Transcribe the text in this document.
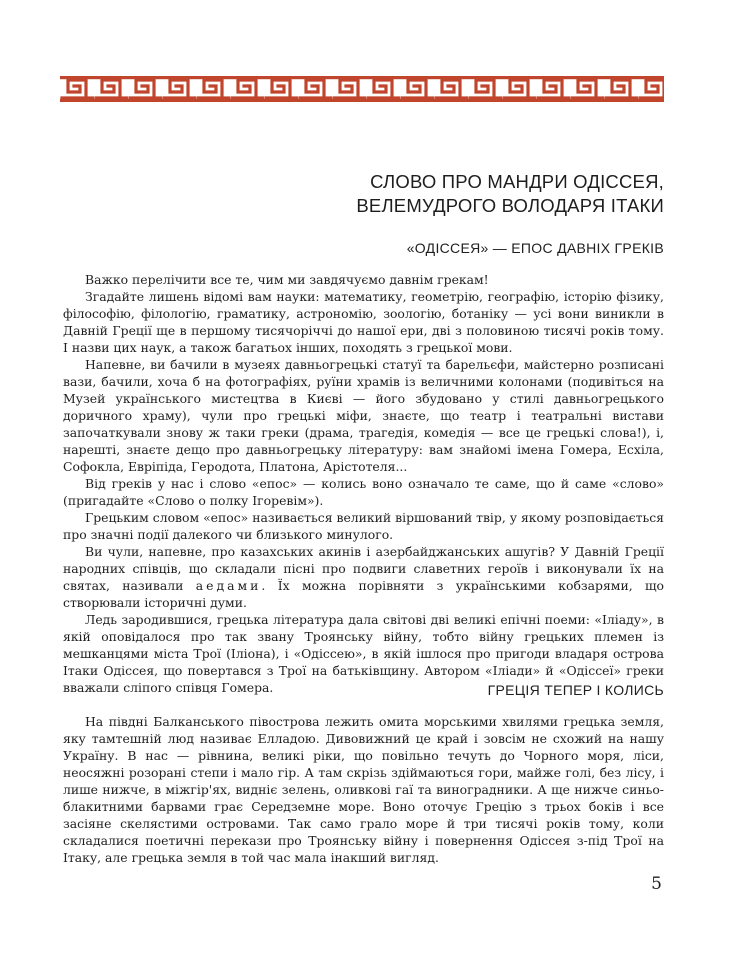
СЛОВО ПРО МАНДРИ ОДІССЕЯ,
ВЕЛЕМУДРОГО ВОЛОДАРЯ ІТАКИ
«ОДІССЕЯ» — ЕПОС ДАВНІХ ГРЕКІВ

Важко перелічити все те, чим ми завдячуємо давнім грекам!

Згадайте лишень відомі вам науки: математику, геометрію, географію, історію фізику, філософію, філологію, граматику, астрономію, зоологію, ботаніку — усі вони виникли в Давній Греції ще в першому тисячоріччі до нашої ери, дві з половиною тисячі років тому. І назви цих наук, а також багатьох інших, походять з грецької мови.

Напевне, ви бачили в музеях давньогрецькі статуї та барельєфи, майстерно розписані вази, бачили, хоча б на фотографіях, руїни храмів із величними колонами (подивіться на Музей українського мистецтва в Києві — його збудовано у стилі давньогрецького доричного храму), чули про грецькі міфи, знаєте, що театр і театральні вистави започаткували знову ж таки греки (драма, трагедія, комедія — все це грецькі слова!), і, нарешті, знаєте дещо про давньогрецьку літературу: вам знайомі імена Гомера, Есхіла, Софокла, Евріпіда, Геродота, Платона, Арістотеля...

Від греків у нас і слово «епос» — колись воно означало те саме, що й саме «слово» (пригадайте «Слово о полку Ігоревім»).

Грецьким словом «епос» називається великий віршований твір, у якому розповідається про значні події далекого чи близького минулого.

Ви чули, напевне, про казахських акинів і азербайджанських ашугів? У Давній Греції народних співців, що складали пісні про подвиги славетних героїв і виконували їх на святах, називали аедами. Їх можна порівняти з українськими кобзарями, що створювали історичні думи.

Ледь зародившися, грецька література дала світові дві великі епічні поеми: «Іліаду», в якій оповідалося про так звану Троянську війну, тобто війну грецьких племен із мешканцями міста Трої (Іліона), і «Одіссею», в якій ішлося про пригоди владаря острова Ітаки Одіссея, що повертався з Трої на батьківщину. Автором «Іліади» й «Одіссеї» греки вважали сліпого співця Гомера.	ГРЕЦІЯ ТЕПЕР І КОЛИСЬ

На півдні Балканського півострова лежить омита морськими хвилями грецька земля, яку тамтешній люд називає Елладою. Дивовижний це край і зовсім не схожий на нашу Україну. В нас — рівнина, великі ріки, що повільно течуть до Чорного моря, ліси, неосяжні розорані степи і мало гір. А там скрізь здіймаються гори, майже голі, без лісу, і лише нижче, в міжгір'ях, видніє зелень, оливкові гаї та виноградники. А ще нижче синьо-блакитними барвами грає Середземне море. Воно оточує Грецію з трьох боків і все засіяне скелястими островами. Так само грало море й три тисячі років тому, коли складалися поетичні перекази про Троянську війну і повернення Одіссея з-під Трої на Ітаку, але грецька земля в той час мала інакший вигляд.

5
